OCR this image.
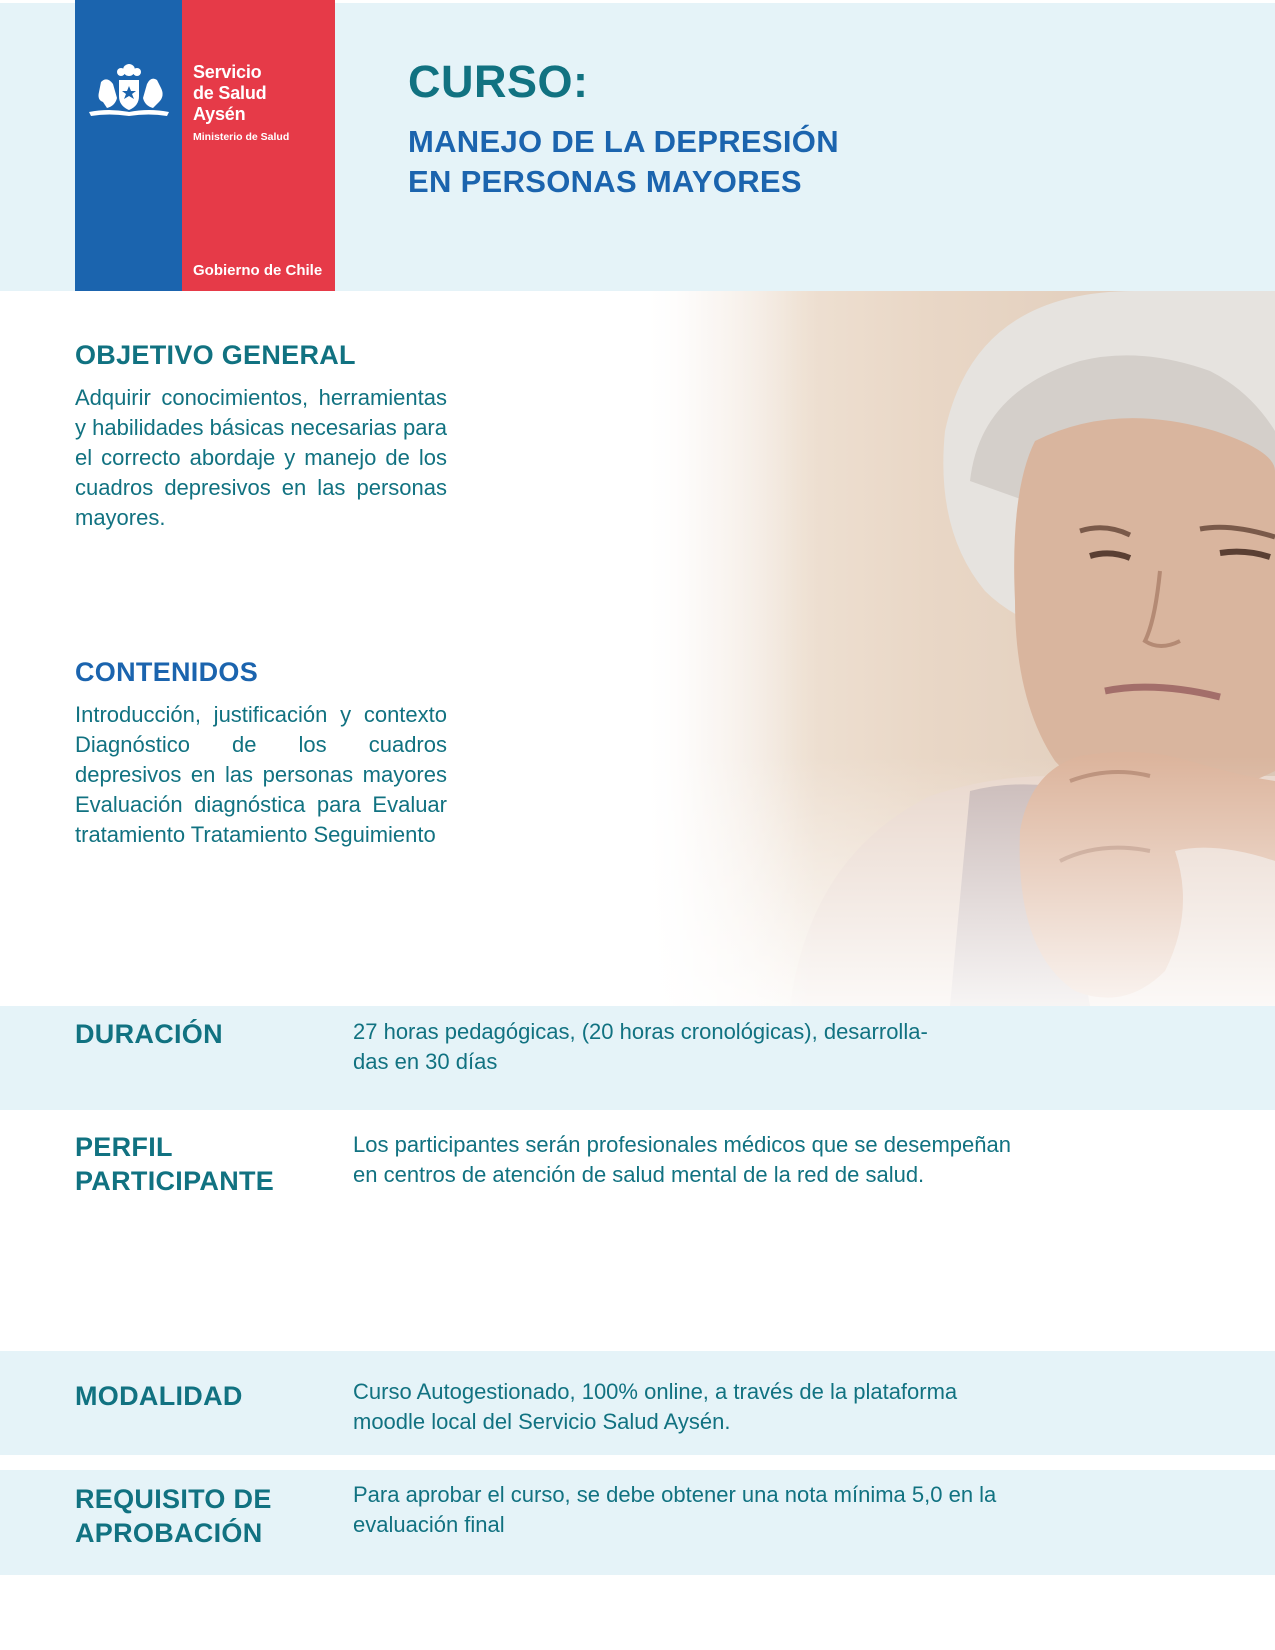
Servicio
de Salud
Aysén
Ministerio de Salud
Gobierno de Chile
CURSO:
MANEJO DE LA DEPRESIÓN
EN PERSONAS MAYORES
OBJETIVO GENERAL
Adquirir conocimientos, herramientas y habilidades básicas necesarias para el correcto abordaje y manejo de los cuadros depresivos en las personas mayores.
CONTENIDOS
Introducción, justificación y contexto Diagnóstico de los cuadros depresivos en las personas mayores Evaluación diagnóstica para Evaluar tratamiento Tratamiento Seguimiento
DURACIÓN	27 horas pedagógicas, (20 horas cronológicas), desarrolla-
das en 30 días
PERFIL
PARTICIPANTE
Los participantes serán profesionales médicos que se desempeñan
en centros de atención de salud mental de la red de salud.
MODALIDAD	Curso Autogestionado, 100% online, a través de la plataforma
moodle local del Servicio Salud Aysén.
REQUISITO DE
APROBACIÓN
Para aprobar el curso, se debe obtener una nota mínima 5,0 en la
evaluación final
